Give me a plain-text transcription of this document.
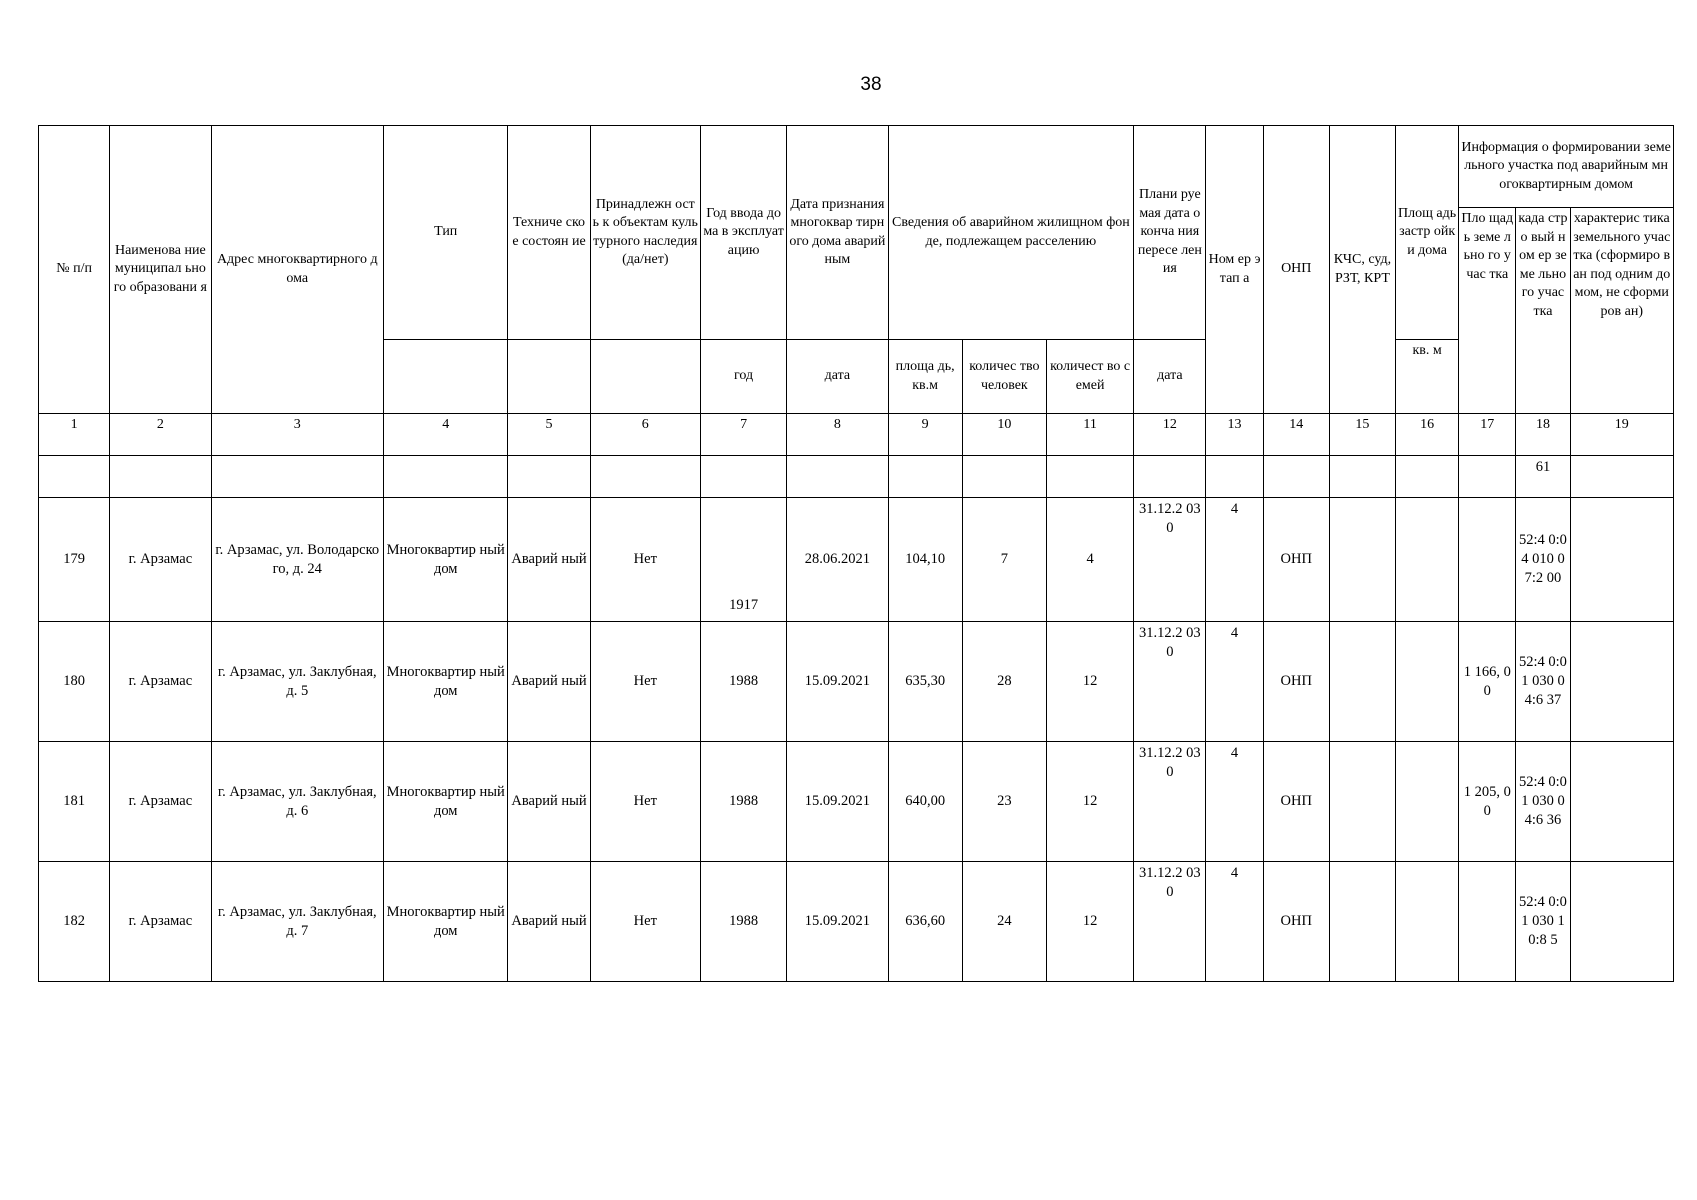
38
№ п/п	Наименова ние муниципал ьного образовани я	Адрес многоквартирного дома	Тип	Техниче ское состоян ие	Принадлежн ость к объектам культурного наследия (да/нет)	Год ввода дома в эксплуат ацию	Дата признания многоквар тирного дома аварийным	Сведения об аварийном жилищном фонде, подлежащем расселению			Плани руемая дата оконча ния пересе ления	Ном ер этап а	ОНП	КЧС, суд, РЗТ, КРТ	Площ адь застр ойки дома	Информация о формировании земельного участка под аварийным многоквартирным домом		
																Пло щадь земе льно го учас тка	када стро вый ном ер земе льно го учас тка	характерис тика земельного участка (сформиро ван под одним домом, не сформиров ан)
						год	дата	площа дь, кв.м	количес тво человек	количест во семей	дата				кв. м			
1	2	3	4	5	6	7	8	9	10	11	12	13	14	15	16	17	18	19
																	61	
179	г. Арзамас	г. Арзамас, ул. Володарского, д. 24	Многоквартир ный дом	Аварий ный	Нет	1917	28.06.2021	104,10	7	4	31.12.2 030	4	ОНП				52:4 0:04 010 07:2 00	
180	г. Арзамас	г. Арзамас, ул. Заклубная, д. 5	Многоквартир ный дом	Аварий ный	Нет	1988	15.09.2021	635,30	28	12	31.12.2 030	4	ОНП			1 166, 00	52:4 0:01 030 04:6 37	
181	г. Арзамас	г. Арзамас, ул. Заклубная, д. 6	Многоквартир ный дом	Аварий ный	Нет	1988	15.09.2021	640,00	23	12	31.12.2 030	4	ОНП			1 205, 00	52:4 0:01 030 04:6 36	
182	г. Арзамас	г. Арзамас, ул. Заклубная, д. 7	Многоквартир ный дом	Аварий ный	Нет	1988	15.09.2021	636,60	24	12	31.12.2 030	4	ОНП				52:4 0:01 030 10:8 5	
